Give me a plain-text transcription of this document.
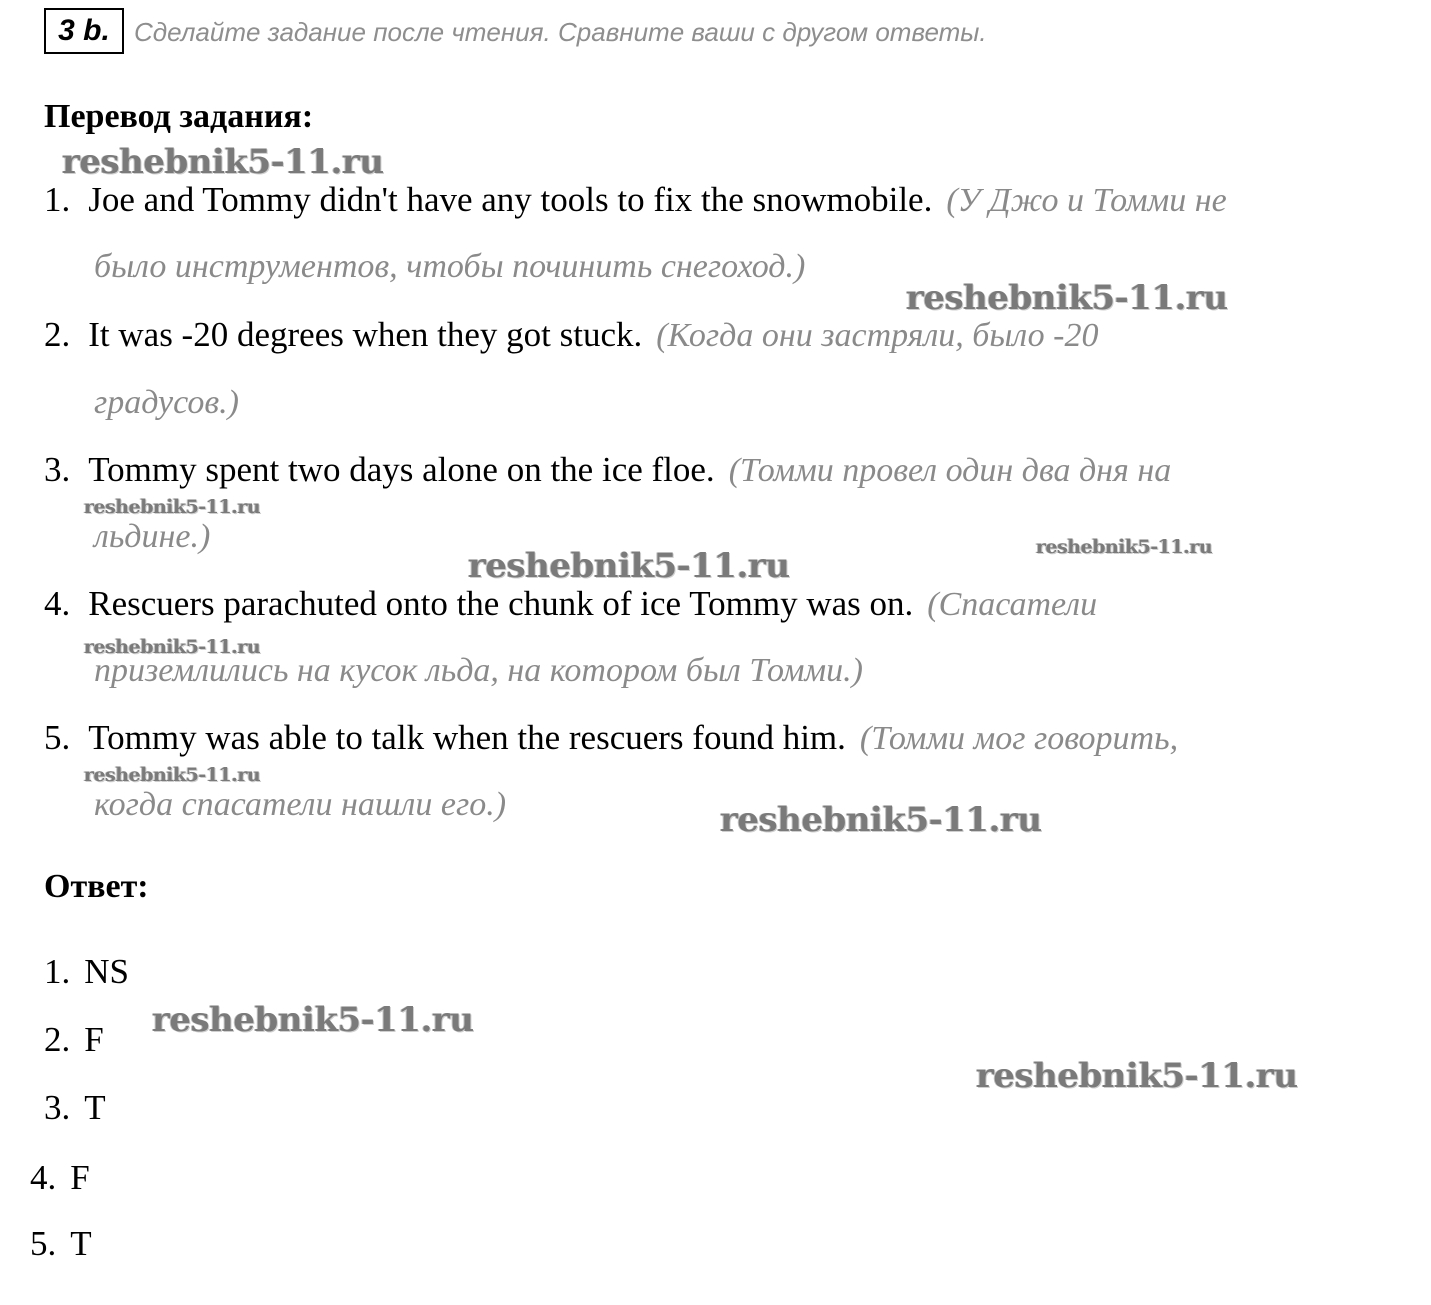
3 b. Сделайте задание после чтения. Сравните ваши с другом ответы.
Перевод задания:
1. Joe and Tommy didn't have any tools to fix the snowmobile. (У Джо и Томми не
было инструментов, чтобы починить снегоход.)
2. It was -20 degrees when they got stuck. (Когда они застряли, было -20
градусов.)
3. Tommy spent two days alone on the ice floe. (Томми провел один два дня на
льдине.)
4. Rescuers parachuted onto the chunk of ice Tommy was on. (Спасатели
приземлились на кусок льда, на котором был Томми.)
5. Tommy was able to talk when the rescuers found him. (Томми мог говорить,
когда спасатели нашли его.)
Ответ:
1. NS
2. F
3. T
4. F
5. T
reshebnik5-11.ru
reshebnik5-11.ru
reshebnik5-11.ru
reshebnik5-11.ru
reshebnik5-11.ru
reshebnik5-11.ru
reshebnik5-11.ru
reshebnik5-11.ru
reshebnik5-11.ru
reshebnik5-11.ru
